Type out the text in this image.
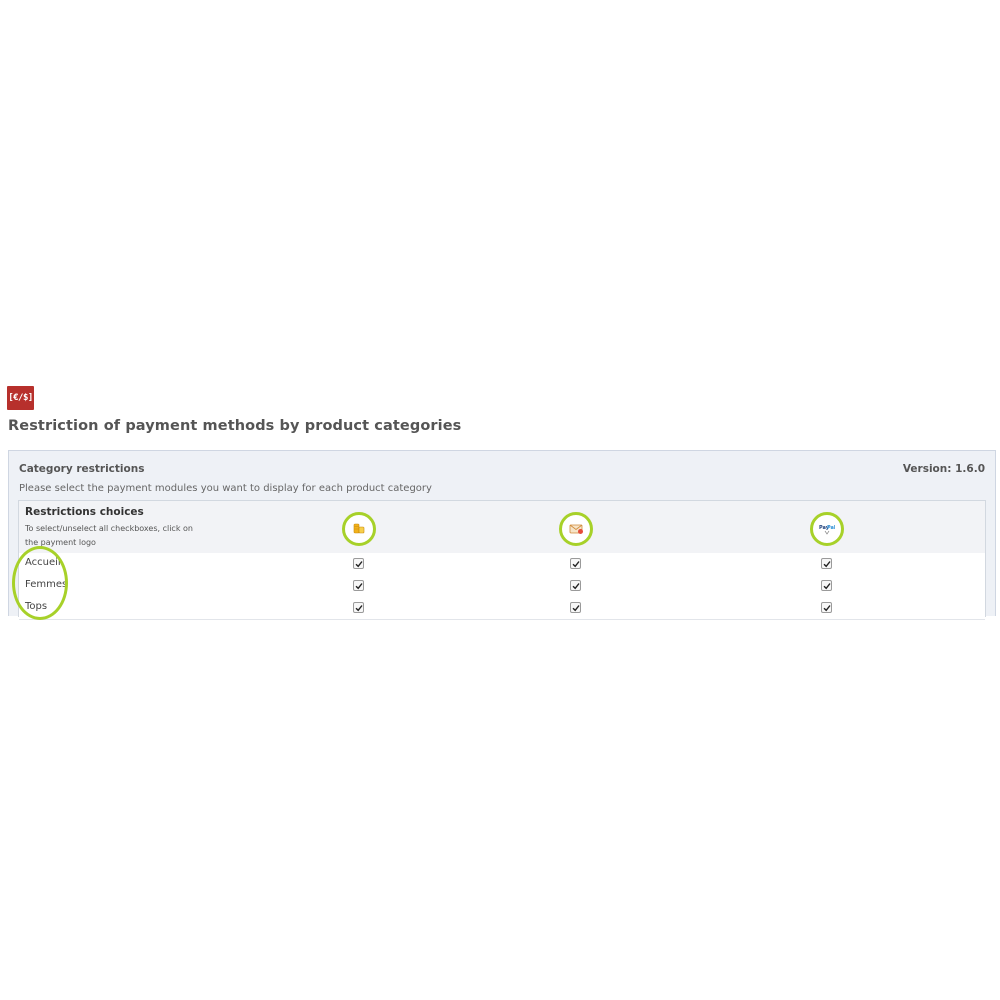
[€/$]
Restriction of payment methods by product categories
Category restrictions	Version: 1.6.0
Please select the payment modules you want to display for each product category
Restrictions choices
To select/unselect all checkboxes, click on the payment logo
Pay
Pal
Accueil
Femmes
Tops
